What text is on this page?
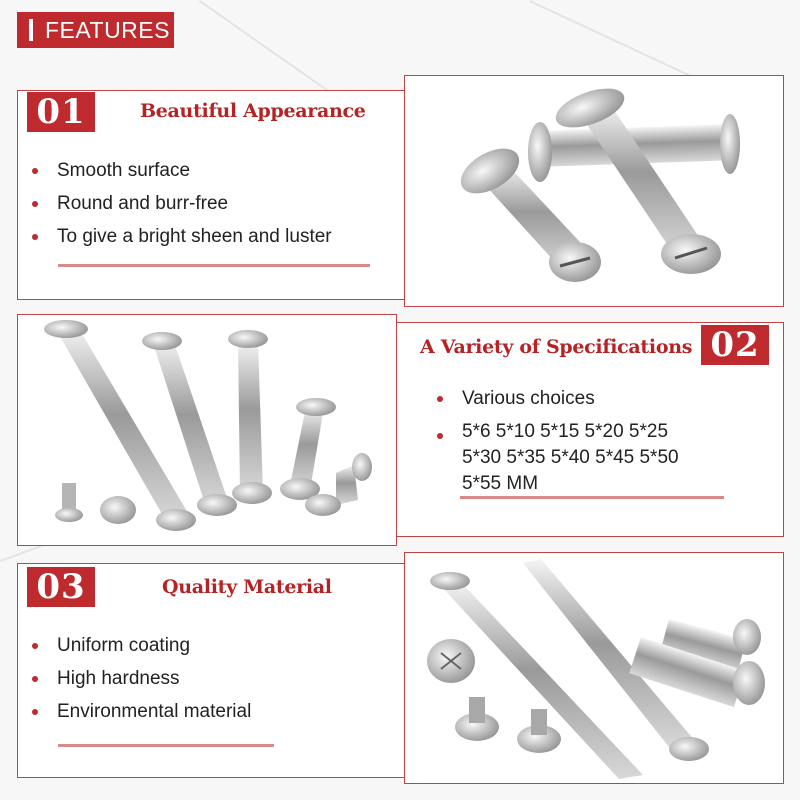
FEATURES
01	Beautiful Appearance
Smooth surface
Round and burr-free
To give a bright sheen and luster
A Variety of Specifications 02
Various choices
5*6 5*10 5*15 5*20 5*25
5*30 5*35 5*40 5*45 5*50
5*55 MM
03	Quality Material
Uniform coating
High hardness
Environmental material
